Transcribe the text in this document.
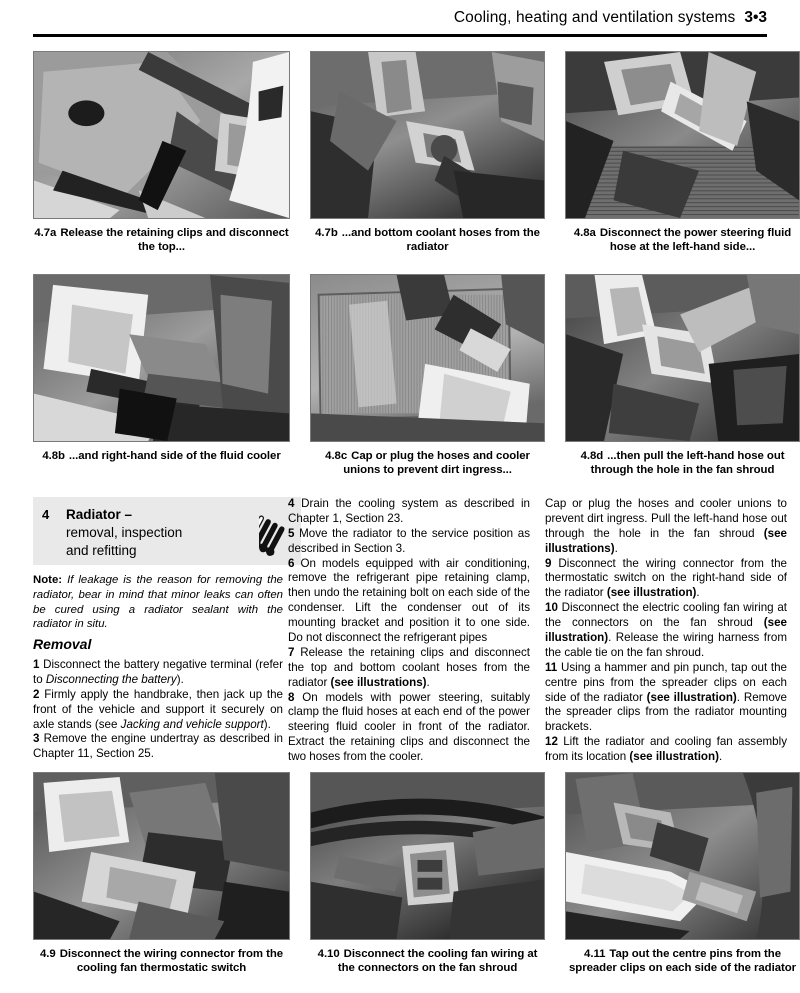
Cooling, heating and ventilation systems 3•3
4.7a Release the retaining clips and disconnect the top...
4.7b ...and bottom coolant hoses from the radiator
4.8a Disconnect the power steering fluid hose at the left-hand side...
4.8b ...and right-hand side of the fluid cooler	4.8c Cap or plug the hoses and cooler unions to prevent dirt ingress...
4.8d ...then pull the left-hand hose out through the hole in the fan shroud
4	Radiator –
removal, inspection
and refitting
Note: If leakage is the reason for removing the radiator, bear in mind that minor leaks can often be cured using a radiator sealant with the radiator in situ.
Removal

1 Disconnect the battery negative terminal (refer to Disconnecting the battery).

2 Firmly apply the handbrake, then jack up the front of the vehicle and support it securely on axle stands (see Jacking and vehicle support).

3 Remove the engine undertray as described in Chapter 11, Section 25.

4 Drain the cooling system as described in Chapter 1, Section 23.

5 Move the radiator to the service position as described in Section 3.

6 On models equipped with air conditioning, remove the refrigerant pipe retaining clamp, then undo the retaining bolt on each side of the condenser. Lift the condenser out of its mounting bracket and position it to one side. Do not disconnect the refrigerant pipes

7 Release the retaining clips and disconnect the top and bottom coolant hoses from the radiator (see illustrations).

8 On models with power steering, suitably clamp the fluid hoses at each end of the power steering fluid cooler in front of the radiator. Extract the retaining clips and disconnect the two hoses from the cooler.

Cap or plug the hoses and cooler unions to prevent dirt ingress. Pull the left-hand hose out through the hole in the fan shroud (see illustrations).

9 Disconnect the wiring connector from the thermostatic switch on the right-hand side of the radiator (see illustration).

10 Disconnect the electric cooling fan wiring at the connectors on the fan shroud (see illustration). Release the wiring harness from the cable tie on the fan shroud.

11 Using a hammer and pin punch, tap out the centre pins from the spreader clips on each side of the radiator (see illustration). Remove the spreader clips from the radiator mounting brackets.

12 Lift the radiator and cooling fan assembly from its location (see illustration).

4.9 Disconnect the wiring connector from the cooling fan thermostatic switch
4.10 Disconnect the cooling fan wiring at the connectors on the fan shroud
4.11 Tap out the centre pins from the spreader clips on each side of the radiator
